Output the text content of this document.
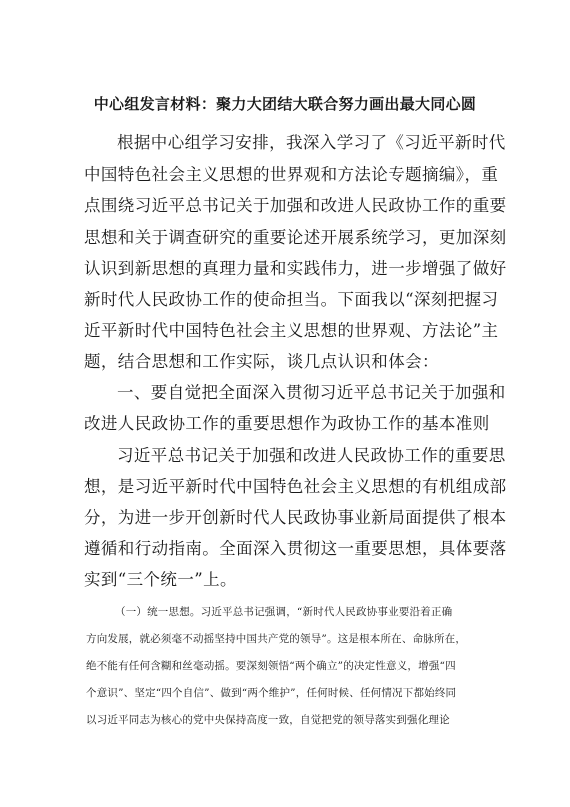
中心组发言材料：聚力大团结大联合努力画出最大同心圆
根据中心组学习安排，我深入学习了《习近平新时代
中国特色社会主义思想的世界观和方法论专题摘编》，重
点围绕习近平总书记关于加强和改进人民政协工作的重要
思想和关于调查研究的重要论述开展系统学习，更加深刻
认识到新思想的真理力量和实践伟力，进一步增强了做好
新时代人民政协工作的使命担当。下面我以“深刻把握习
近平新时代中国特色社会主义思想的世界观、方法论”主
题，结合思想和工作实际，谈几点认识和体会：
一、要自觉把全面深入贯彻习近平总书记关于加强和
改进人民政协工作的重要思想作为政协工作的基本准则
习近平总书记关于加强和改进人民政协工作的重要思
想，是习近平新时代中国特色社会主义思想的有机组成部
分，为进一步开创新时代人民政协事业新局面提供了根本
遵循和行动指南。全面深入贯彻这一重要思想，具体要落
实到“三个统一”上。
（一）统一思想。习近平总书记强调，“新时代人民政协事业要沿着正确
方向发展，就必须毫不动摇坚持中国共产党的领导”。这是根本所在、命脉所在，
绝不能有任何含糊和丝毫动摇。要深刻领悟“两个确立”的决定性意义，增强“四
个意识”、坚定“四个自信”、做到“两个维护”，任何时候、任何情况下都始终同
以习近平同志为核心的党中央保持高度一致，自觉把党的领导落实到强化理论
